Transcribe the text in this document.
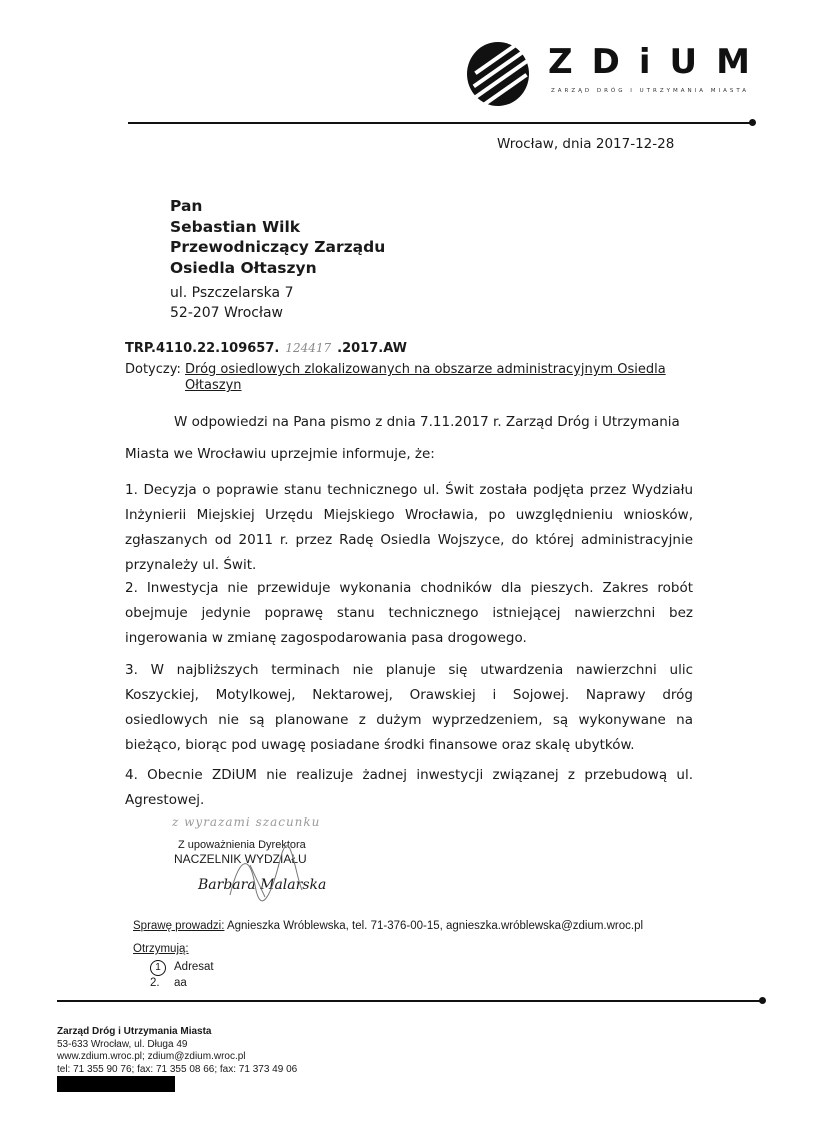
ZDiUM
ZARZĄD DRÓG I UTRZYMANIA MIASTA
Wrocław, dnia 2017-12-28
Pan
Sebastian Wilk
Przewodniczący Zarządu
Osiedla Ołtaszyn
ul. Pszczelarska 7
52-207 Wrocław
TRP.4110.22.109657. 124417 .2017.AW
Dotyczy: Dróg osiedlowych zlokalizowanych na obszarze administracyjnym Osiedla Ołtaszyn
W odpowiedzi na Pana pismo z dnia 7.11.2017 r. Zarząd Dróg i Utrzymania
Miasta we Wrocławiu uprzejmie informuje, że:
1. Decyzja o poprawie stanu technicznego ul. Świt została podjęta przez Wydziału Inżynierii Miejskiej Urzędu Miejskiego Wrocławia, po uwzględnieniu wniosków, zgłaszanych od 2011 r. przez Radę Osiedla Wojszyce, do której administracyjnie przynależy ul. Świt.
2. Inwestycja nie przewiduje wykonania chodników dla pieszych. Zakres robót obejmuje jedynie poprawę stanu technicznego istniejącej nawierzchni bez ingerowania w zmianę zagospodarowania pasa drogowego.
3. W najbliższych terminach nie planuje się utwardzenia nawierzchni ulic Koszyckiej, Motylkowej, Nektarowej, Orawskiej i Sojowej. Naprawy dróg osiedlowych nie są planowane z dużym wyprzedzeniem, są wykonywane na bieżąco, biorąc pod uwagę posiadane środki finansowe oraz skalę ubytków.
4. Obecnie ZDiUM nie realizuje żadnej inwestycji związanej z przebudową ul. Agrestowej.
z wyrazami szacunku
Z upoważnienia Dyrektora
NACZELNIK WYDZIAŁU
Barbara Malarska
Sprawę prowadzi: Agnieszka Wróblewska, tel. 71-376-00-15, agnieszka.wróblewska@zdium.wroc.pl
Otrzymują:
1 Adresat
2. aa
Zarząd Dróg i Utrzymania Miasta
53-633 Wrocław, ul. Długa 49
www.zdium.wroc.pl; zdium@zdium.wroc.pl
tel: 71 355 90 76; fax: 71 355 08 66; fax: 71 373 49 06
